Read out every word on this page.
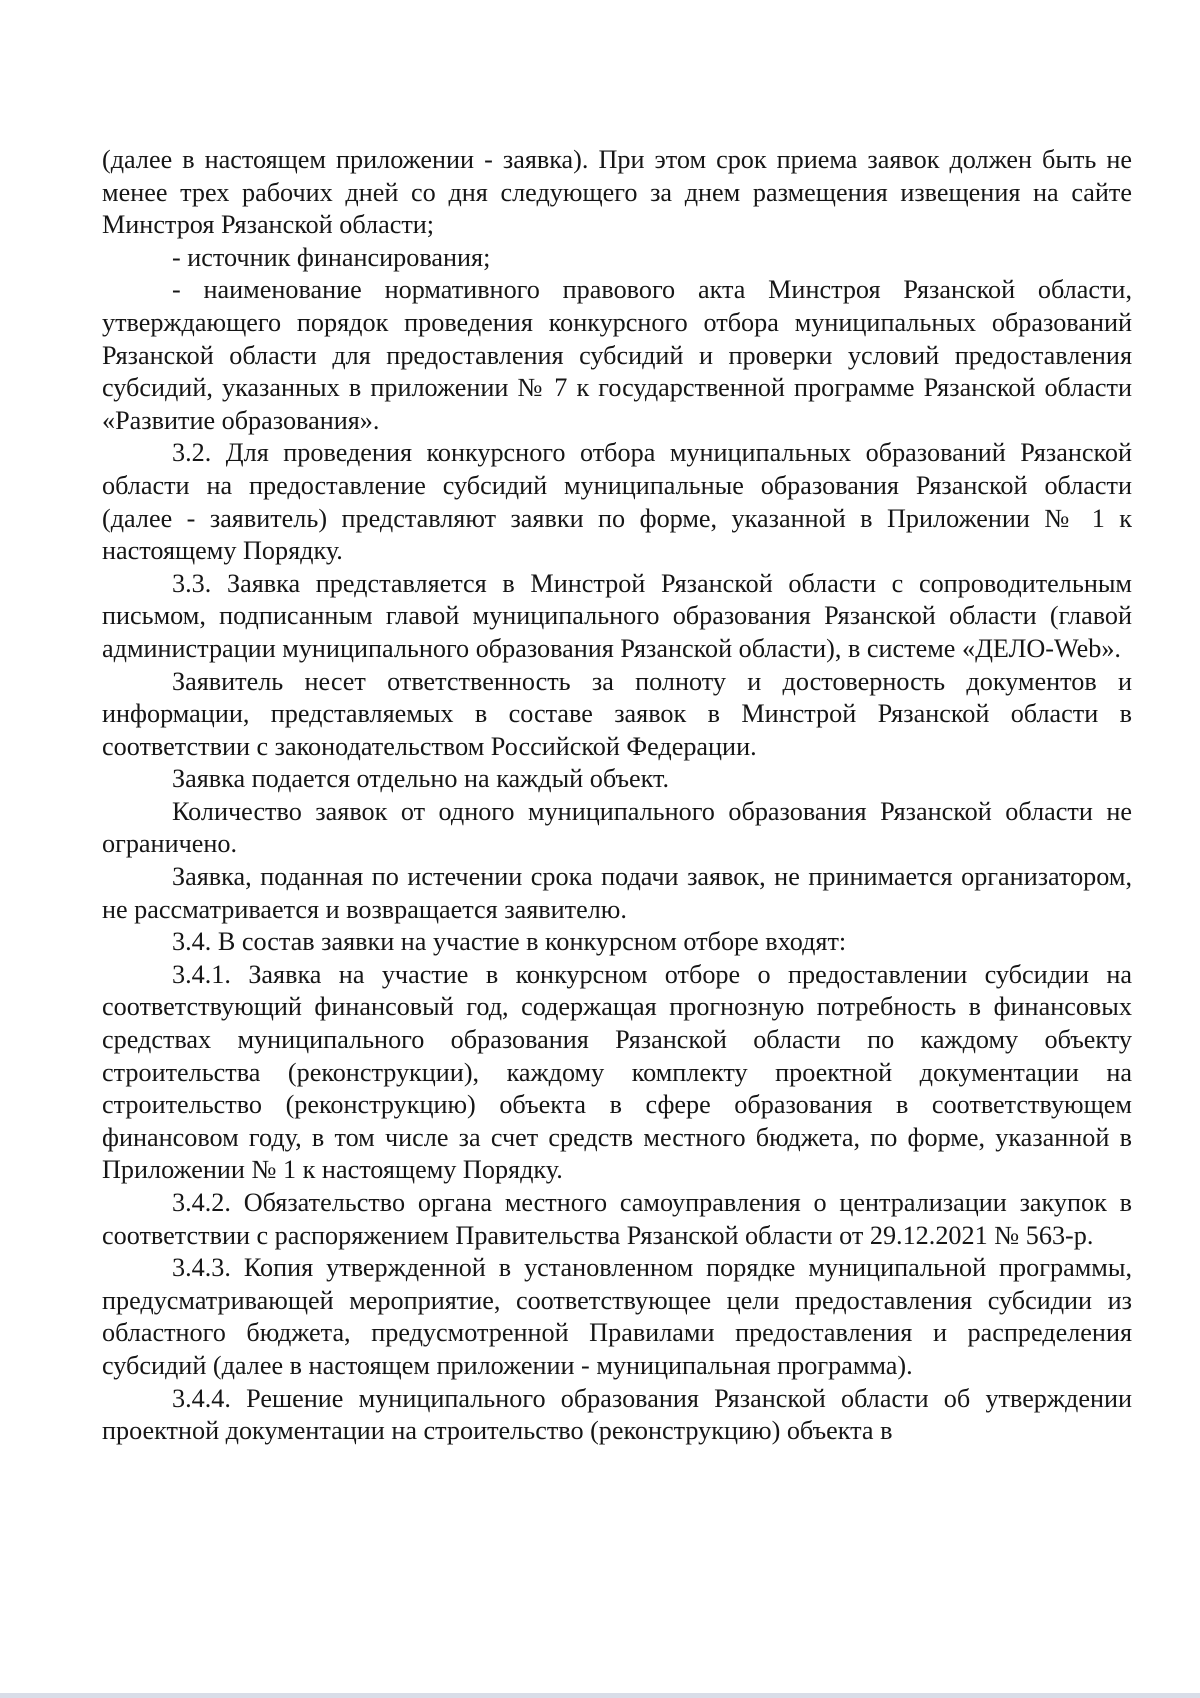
(далее в настоящем приложении - заявка). При этом срок приема заявок должен быть не менее трех рабочих дней со дня следующего за днем размещения извещения на сайте Минстроя Рязанской области;

- источник финансирования;

- наименование нормативного правового акта Минстроя Рязанской области, утверждающего порядок проведения конкурсного отбора муниципальных образований Рязанской области для предоставления субсидий и проверки условий предоставления субсидий, указанных в приложении № 7 к государственной программе Рязанской области «Развитие образования».

3.2. Для проведения конкурсного отбора муниципальных образований Рязанской области на предоставление субсидий муниципальные образования Рязанской области (далее - заявитель) представляют заявки по форме, указанной в Приложении № 1 к настоящему Порядку.

3.3. Заявка представляется в Минстрой Рязанской области с сопроводительным письмом, подписанным главой муниципального образования Рязанской области (главой администрации муниципального образования Рязанской области), в системе «ДЕЛО-Web».

Заявитель несет ответственность за полноту и достоверность документов и информации, представляемых в составе заявок в Минстрой Рязанской области в соответствии с законодательством Российской Федерации.

Заявка подается отдельно на каждый объект.

Количество заявок от одного муниципального образования Рязанской области не ограничено.

Заявка, поданная по истечении срока подачи заявок, не принимается организатором, не рассматривается и возвращается заявителю.

3.4. В состав заявки на участие в конкурсном отборе входят:

3.4.1. Заявка на участие в конкурсном отборе о предоставлении субсидии на соответствующий финансовый год, содержащая прогнозную потребность в финансовых средствах муниципального образования Рязанской области по каждому объекту строительства (реконструкции), каждому комплекту проектной документации на строительство (реконструкцию) объекта в сфере образования в соответствующем финансовом году, в том числе за счет средств местного бюджета, по форме, указанной в Приложении № 1 к настоящему Порядку.

3.4.2. Обязательство органа местного самоуправления о централизации закупок в соответствии с распоряжением Правительства Рязанской области от 29.12.2021 № 563-р.

3.4.3. Копия утвержденной в установленном порядке муниципальной программы, предусматривающей мероприятие, соответствующее цели предоставления субсидии из областного бюджета, предусмотренной Правилами предоставления и распределения субсидий (далее в настоящем приложении - муниципальная программа).

3.4.4. Решение муниципального образования Рязанской области об утверждении проектной документации на строительство (реконструкцию) объекта в
